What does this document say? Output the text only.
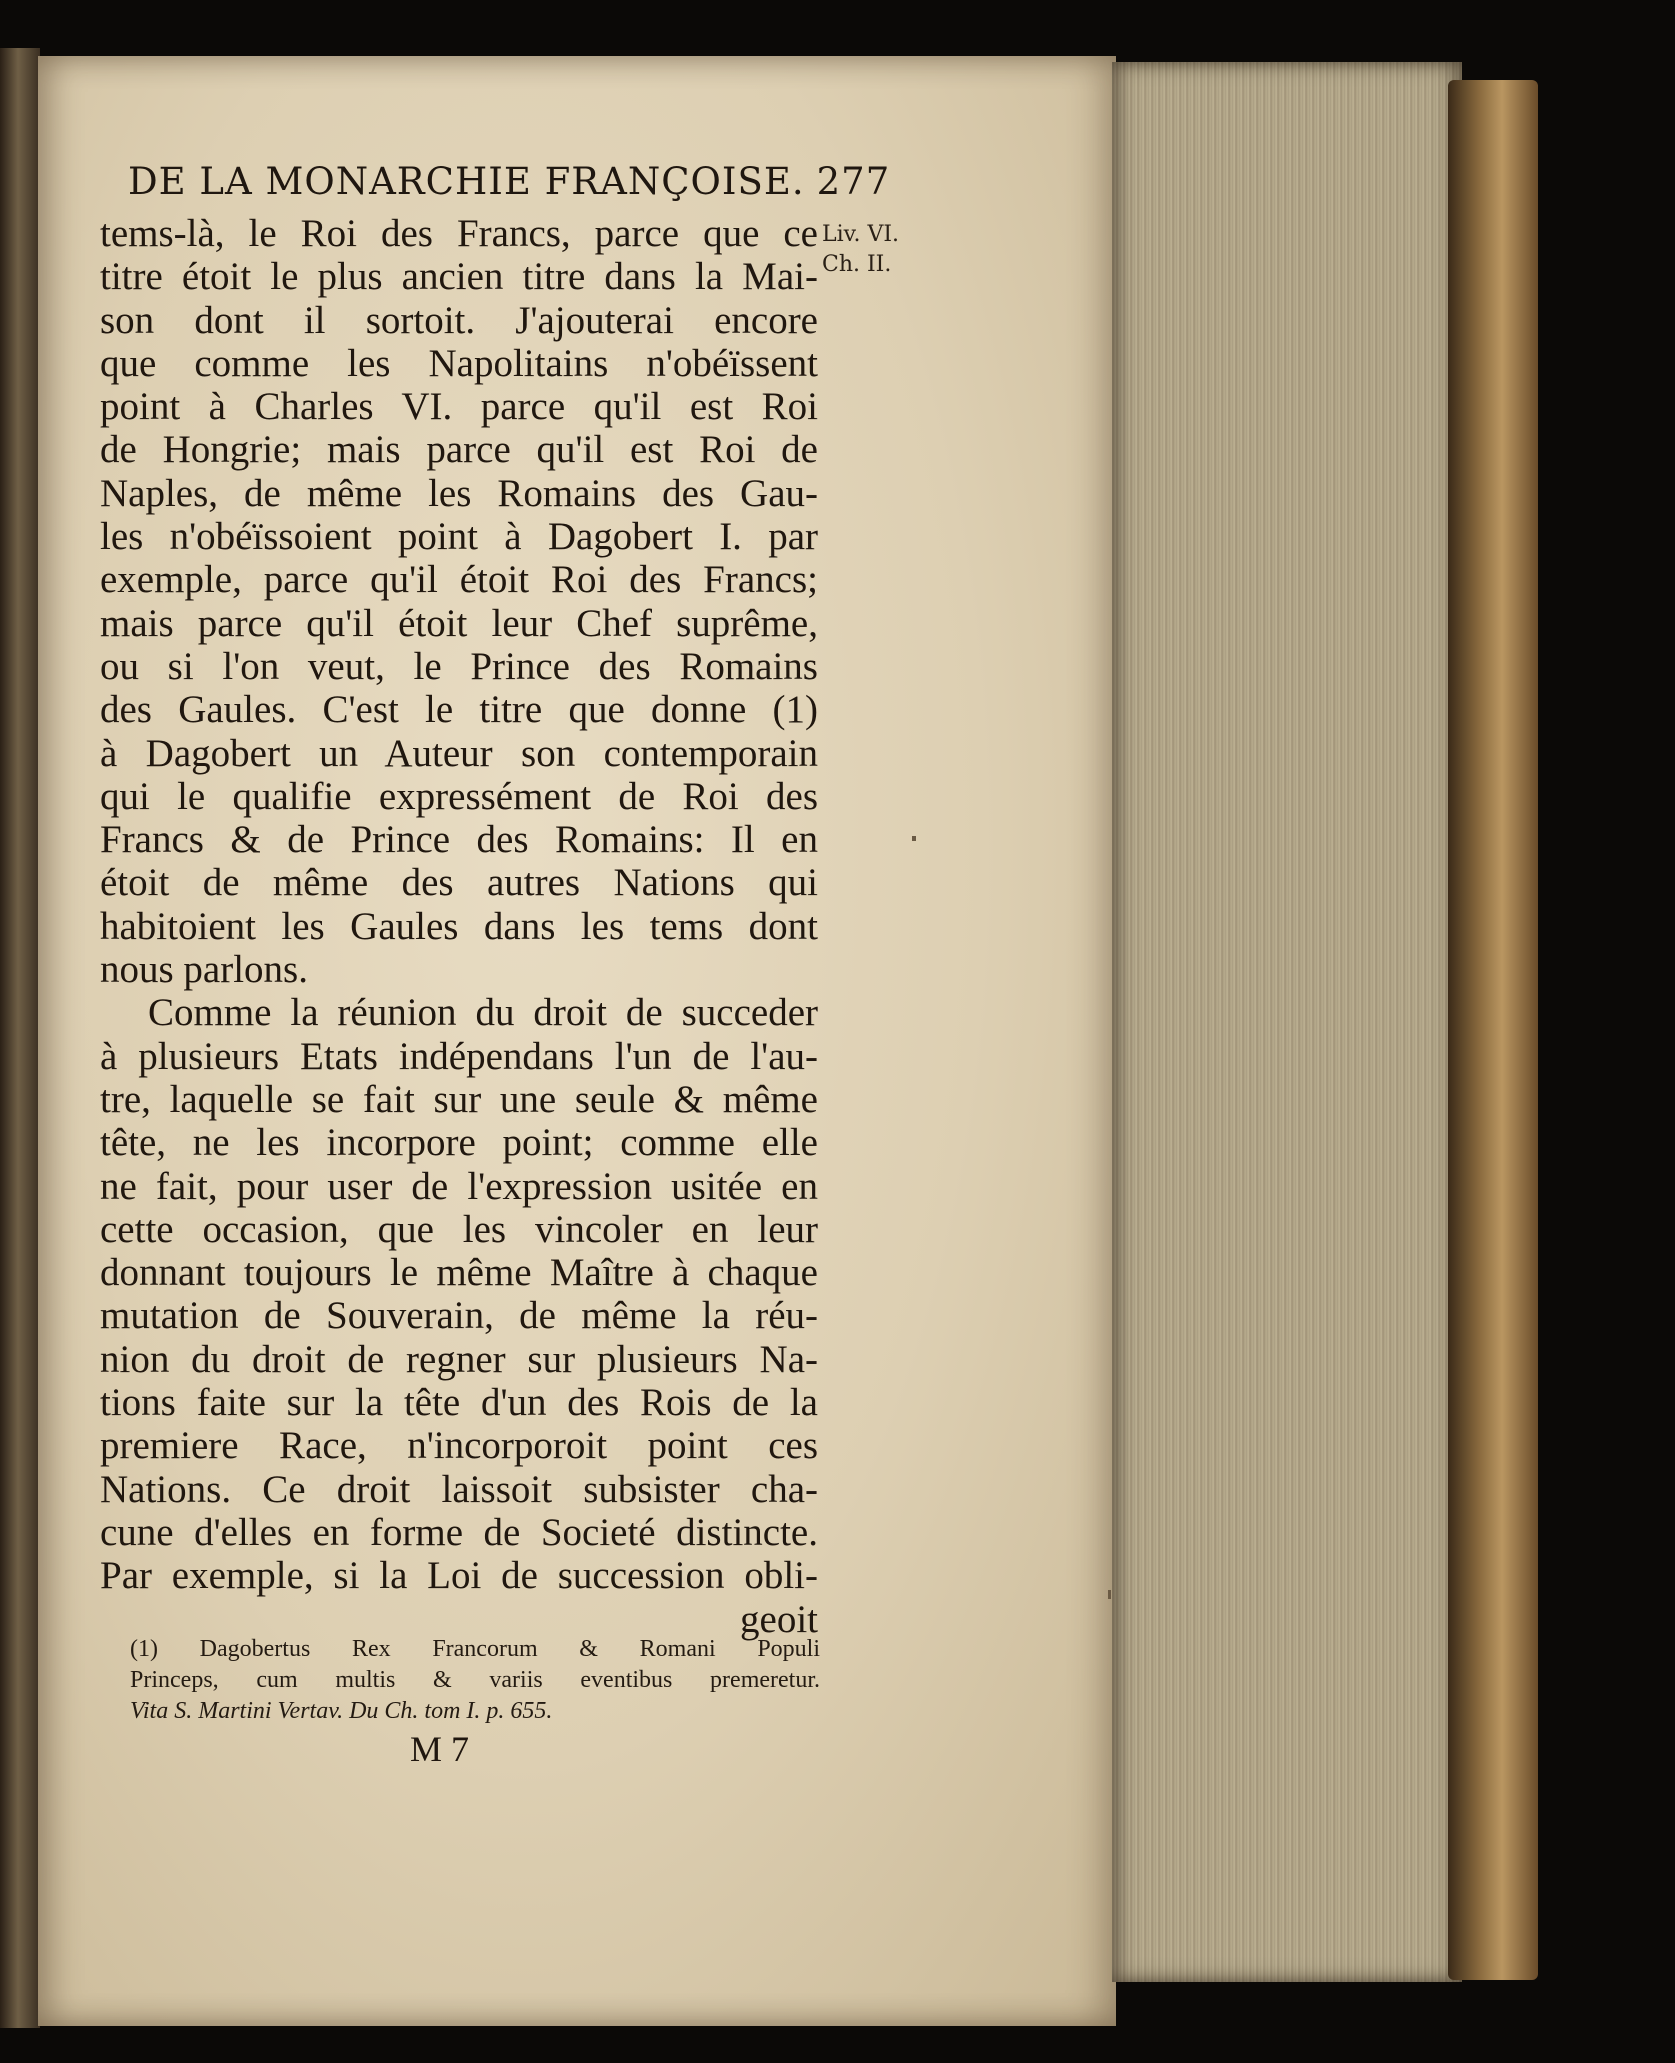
DE LA MONARCHIE FRANÇOISE. 277
Liv. VI.
Ch. II.
tems-là, le Roi des Francs, parce que ce
titre étoit le plus ancien titre dans la Mai-
son dont il sortoit. J'ajouterai encore
que comme les Napolitains n'obéïssent
point à Charles VI. parce qu'il est Roi
de Hongrie; mais parce qu'il est Roi de
Naples, de même les Romains des Gau-
les n'obéïssoient point à Dagobert I. par
exemple, parce qu'il étoit Roi des Francs;
mais parce qu'il étoit leur Chef suprême,
ou si l'on veut, le Prince des Romains
des Gaules. C'est le titre que donne (1)
à Dagobert un Auteur son contemporain
qui le qualifie expressément de Roi des
Francs & de Prince des Romains: Il en
étoit de même des autres Nations qui
habitoient les Gaules dans les tems dont
nous parlons.
Comme la réunion du droit de succeder
à plusieurs Etats indépendans l'un de l'au-
tre, laquelle se fait sur une seule & même
tête, ne les incorpore point; comme elle
ne fait, pour user de l'expression usitée en
cette occasion, que les vincoler en leur
donnant toujours le même Maître à chaque
mutation de Souverain, de même la réu-
nion du droit de regner sur plusieurs Na-
tions faite sur la tête d'un des Rois de la
premiere Race, n'incorporoit point ces
Nations. Ce droit laissoit subsister cha-
cune d'elles en forme de Societé distincte.
Par exemple, si la Loi de succession obli-
geoit
(1) Dagobertus Rex Francorum & Romani Populi
Princeps, cum multis & variis eventibus premeretur.
Vita S. Martini Vertav. Du Ch. tom I. p. 655.
M 7
